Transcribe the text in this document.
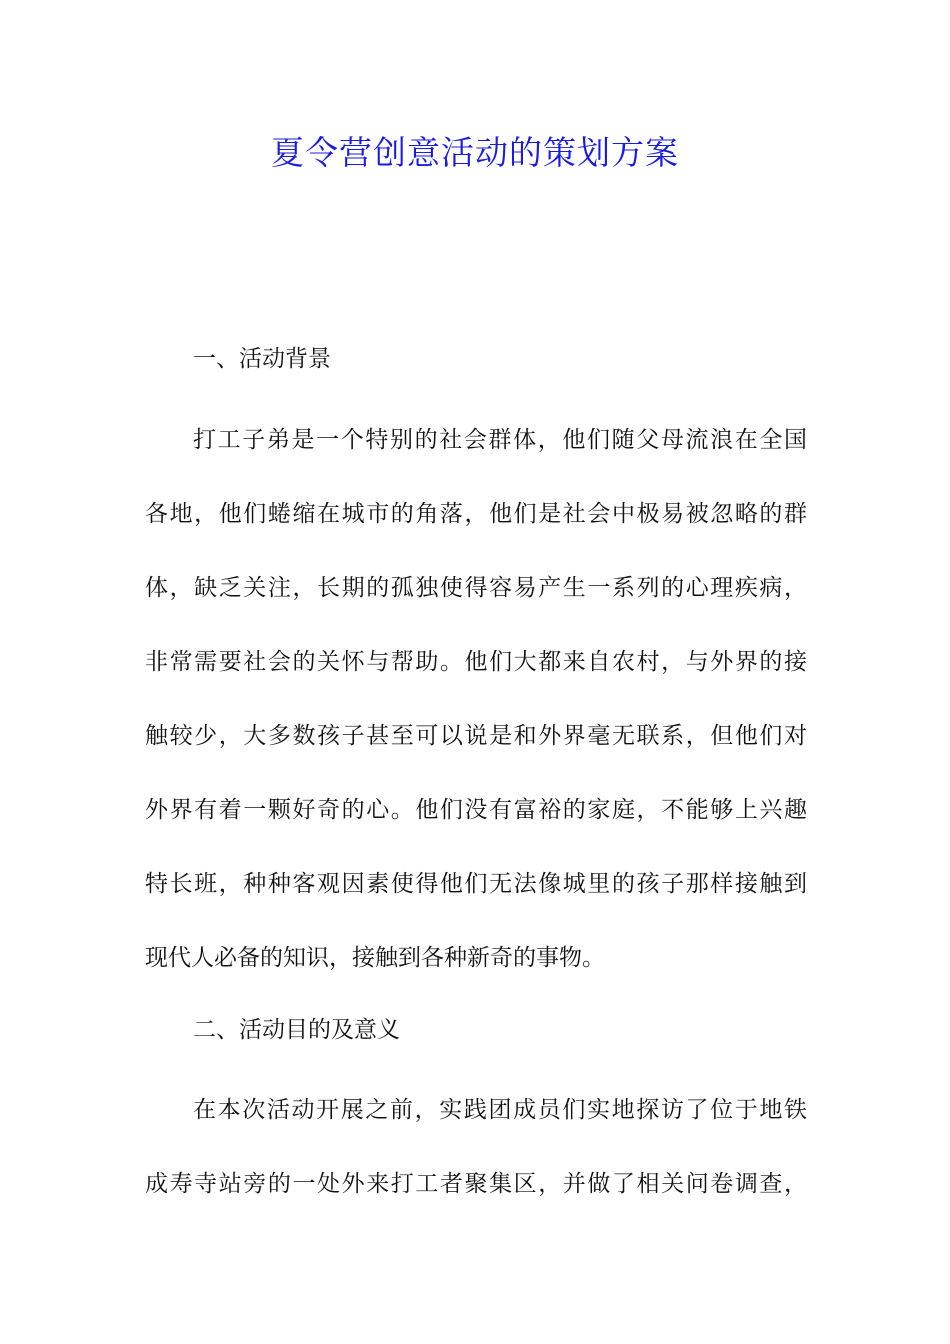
夏令营创意活动的策划方案
一、活动背景
打工子弟是一个特别的社会群体，他们随父母流浪在全国
各地，他们蜷缩在城市的角落，他们是社会中极易被忽略的群
体，缺乏关注，长期的孤独使得容易产生一系列的心理疾病，
非常需要社会的关怀与帮助。他们大都来自农村，与外界的接
触较少，大多数孩子甚至可以说是和外界毫无联系，但他们对
外界有着一颗好奇的心。他们没有富裕的家庭，不能够上兴趣
特长班，种种客观因素使得他们无法像城里的孩子那样接触到
现代人必备的知识，接触到各种新奇的事物。
二、活动目的及意义
在本次活动开展之前，实践团成员们实地探访了位于地铁
成寿寺站旁的一处外来打工者聚集区，并做了相关问卷调查，
